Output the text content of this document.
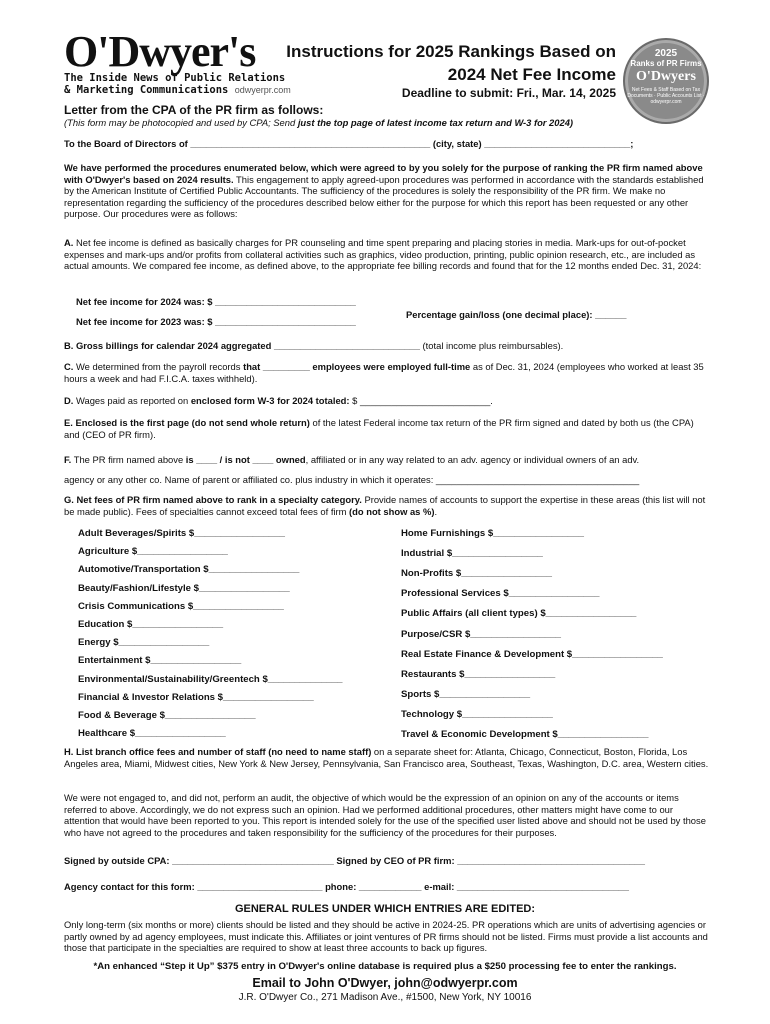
O'Dwyer's
The Inside News of Public Relations
& Marketing Communications odwyerpr.com
Instructions for 2025 Rankings Based on
2024 Net Fee Income
Deadline to submit: Fri., Mar. 14, 2025
2025
Ranks of PR Firms
O'Dwyers
Net Fees & Staff Based on Tax Documents · Public Accounts List · odwyerpr.com
Letter from the CPA of the PR firm as follows:
(This form may be photocopied and used by CPA; Send just the top page of latest income tax return and W-3 for 2024)
To the Board of Directors of ______________________________________________ (city, state) ____________________________;
We have performed the procedures enumerated below, which were agreed to by you solely for the purpose of ranking the PR firm named above with O'Dwyer's based on 2024 results. This engagement to apply agreed-upon procedures was performed in accordance with the standards established by the American Institute of Certified Public Accountants. The sufficiency of the procedures is solely the responsibility of the PR firm. We make no representation regarding the sufficiency of the procedures described below either for the purpose for which this report has been requested or any other purpose. Our procedures were as follows:
A. Net fee income is defined as basically charges for PR counseling and time spent preparing and placing stories in media. Mark-ups for out-of-pocket expenses and mark-ups and/or profits from collateral activities such as graphics, video production, printing, public opinion research, etc., are included as actual amounts. We compared fee income, as defined above, to the appropriate fee billing records and found that for the 12 months ended Dec. 31, 2024:
Net fee income for 2024 was: $ ___________________________
Percentage gain/loss (one decimal place): ______
Net fee income for 2023 was: $ ___________________________
B. Gross billings for calendar 2024 aggregated ____________________________ (total income plus reimbursables).
C. We determined from the payroll records that _________ employees were employed full-time as of Dec. 31, 2024 (employees who worked at least 35 hours a week and had F.I.C.A. taxes withheld).
D. Wages paid as reported on enclosed form W-3 for 2024 totaled: $ _________________________.
E. Enclosed is the first page (do not send whole return) of the latest Federal income tax return of the PR firm signed and dated by both us (the CPA) and (CEO of PR firm).
F. The PR firm named above is ____ / is not ____ owned, affiliated or in any way related to an adv. agency or individual owners of an adv.
agency or any other co. Name of parent or affiliated co. plus industry in which it operates: _______________________________________
G. Net fees of PR firm named above to rank in a specialty category. Provide names of accounts to support the expertise in these areas (this list will not be made public). Fees of specialties cannot exceed total fees of firm (do not show as %).
Adult Beverages/Spirits $_________________
Agriculture $_________________
Automotive/Transportation $_________________
Beauty/Fashion/Lifestyle $_________________
Crisis Communications $_________________
Education $_________________
Energy $_________________
Entertainment $_________________
Environmental/Sustainability/Greentech $______________
Financial & Investor Relations $_________________
Food & Beverage $_________________
Healthcare $_________________
Home Furnishings $_________________
Industrial $_________________
Non-Profits $_________________
Professional Services $_________________
Public Affairs (all client types) $_________________
Purpose/CSR $_________________
Real Estate Finance & Development $_________________
Restaurants $_________________
Sports $_________________
Technology $_________________
Travel & Economic Development $_________________
H. List branch office fees and number of staff (no need to name staff) on a separate sheet for: Atlanta, Chicago, Connecticut, Boston, Florida, Los Angeles area, Miami, Midwest cities, New York & New Jersey, Pennsylvania, San Francisco area, Southeast, Texas, Washington, D.C. area, Western cities.
We were not engaged to, and did not, perform an audit, the objective of which would be the expression of an opinion on any of the accounts or items referred to above. Accordingly, we do not express such an opinion. Had we performed additional procedures, other matters might have come to our attention that would have been reported to you. This report is intended solely for the use of the specified user listed above and should not be used by those who have not agreed to the procedures and taken responsibility for the sufficiency of the procedures for their purposes.
Signed by outside CPA: _______________________________ Signed by CEO of PR firm: ____________________________________
Agency contact for this form: ________________________ phone: ____________ e-mail: _________________________________
GENERAL RULES UNDER WHICH ENTRIES ARE EDITED:
Only long-term (six months or more) clients should be listed and they should be active in 2024-25. PR operations which are units of advertising agencies or partly owned by ad agency employees, must indicate this. Affiliates or joint ventures of PR firms should not be listed. Firms must provide a list accounts and those that participate in the specialties are required to show at least three accounts to back up figures.
*An enhanced “Step it Up” $375 entry in O'Dwyer's online database is required plus a $250 processing fee to enter the rankings.
Email to John O'Dwyer, john@odwyerpr.com
J.R. O'Dwyer Co., 271 Madison Ave., #1500, New York, NY 10016
